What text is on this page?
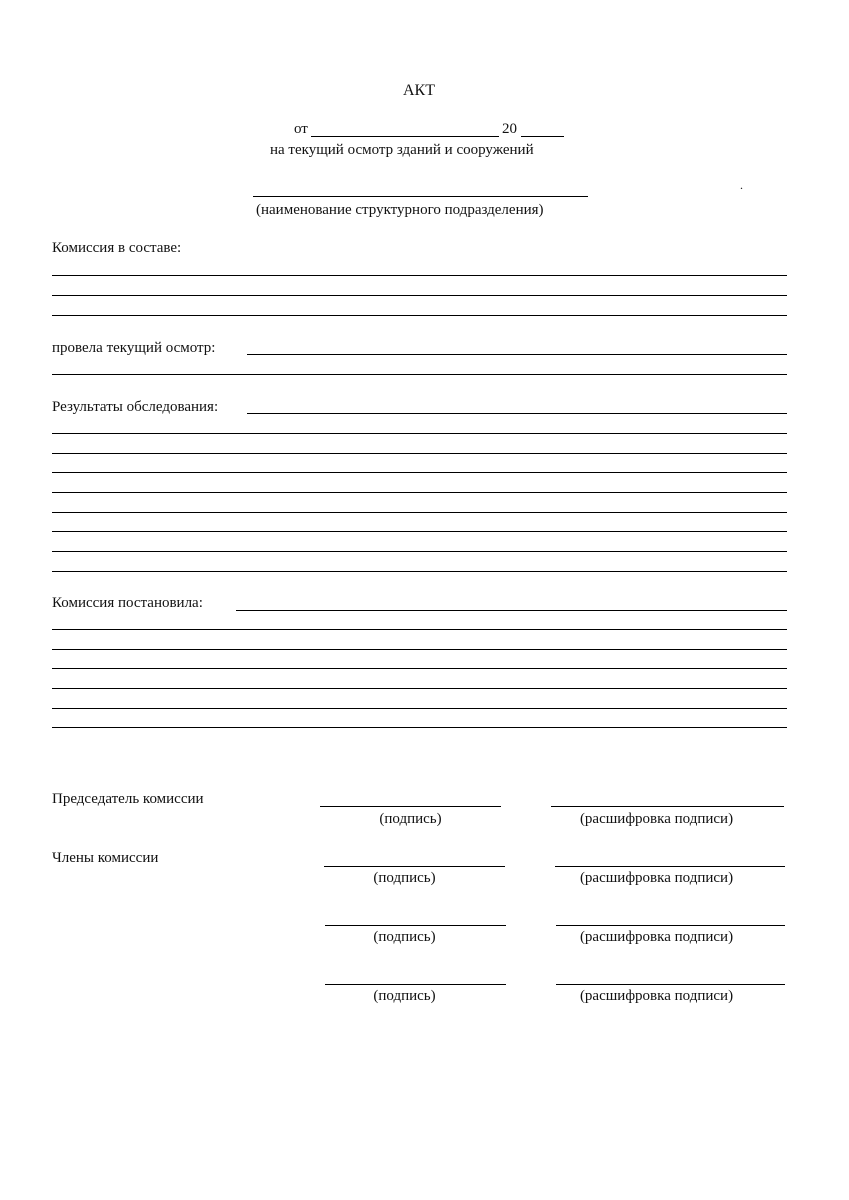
АКТ
от	20
на текущий осмотр зданий и сооружений
.
(наименование структурного подразделения)
Комиссия в составе:
провела текущий осмотр:
Результаты обследования:
Комиссия постановила:
Председатель комиссии
(подпись)	(расшифровка подписи)
Члены комиссии
(подпись)	(расшифровка подписи)
(подпись)	(расшифровка подписи)
(подпись)	(расшифровка подписи)
